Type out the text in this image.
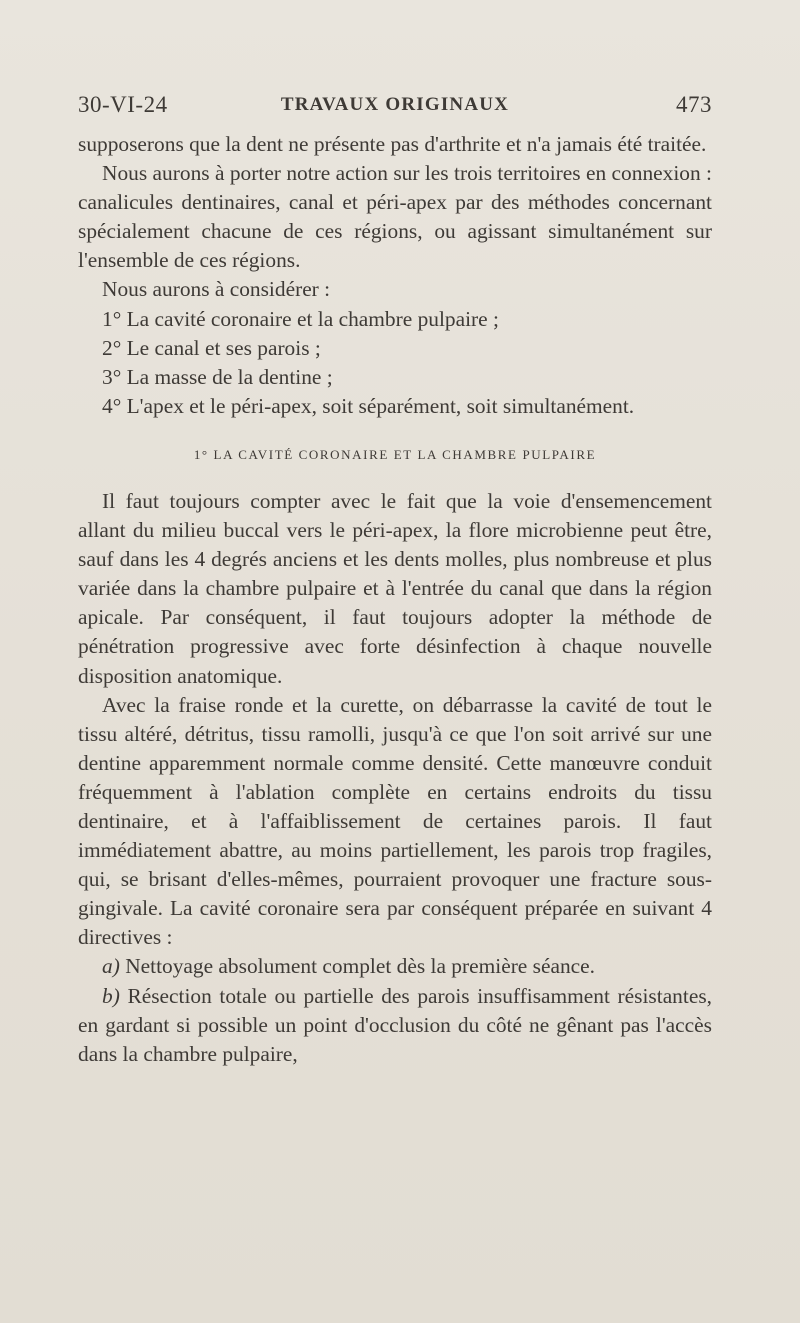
30-VI-24	TRAVAUX ORIGINAUX	473

supposerons que la dent ne présente pas d'arthrite et n'a jamais été traitée.

Nous aurons à porter notre action sur les trois territoires en connexion : canalicules dentinaires, canal et péri-apex par des méthodes concernant spécialement chacune de ces régions, ou agissant simultanément sur l'ensemble de ces régions.

Nous aurons à considérer :

1° La cavité coronaire et la chambre pulpaire ;

2° Le canal et ses parois ;

3° La masse de la dentine ;

4° L'apex et le péri-apex, soit séparément, soit simultanément.

1° LA CAVITÉ CORONAIRE ET LA CHAMBRE PULPAIRE

Il faut toujours compter avec le fait que la voie d'ensemencement allant du milieu buccal vers le péri-apex, la flore microbienne peut être, sauf dans les 4 degrés anciens et les dents molles, plus nombreuse et plus variée dans la chambre pulpaire et à l'entrée du canal que dans la région apicale. Par conséquent, il faut toujours adopter la méthode de pénétration progressive avec forte désinfection à chaque nouvelle disposition anatomique.

Avec la fraise ronde et la curette, on débarrasse la cavité de tout le tissu altéré, détritus, tissu ramolli, jusqu'à ce que l'on soit arrivé sur une dentine apparemment normale comme densité. Cette manœuvre conduit fréquemment à l'ablation complète en certains endroits du tissu dentinaire, et à l'affaiblissement de certaines parois. Il faut immédiatement abattre, au moins partiellement, les parois trop fragiles, qui, se brisant d'elles-mêmes, pourraient provoquer une fracture sous-gingivale. La cavité coronaire sera par conséquent préparée en suivant 4 directives :

a) Nettoyage absolument complet dès la première séance.

b) Résection totale ou partielle des parois insuffisamment résistantes, en gardant si possible un point d'occlusion du côté ne gênant pas l'accès dans la chambre pulpaire,
